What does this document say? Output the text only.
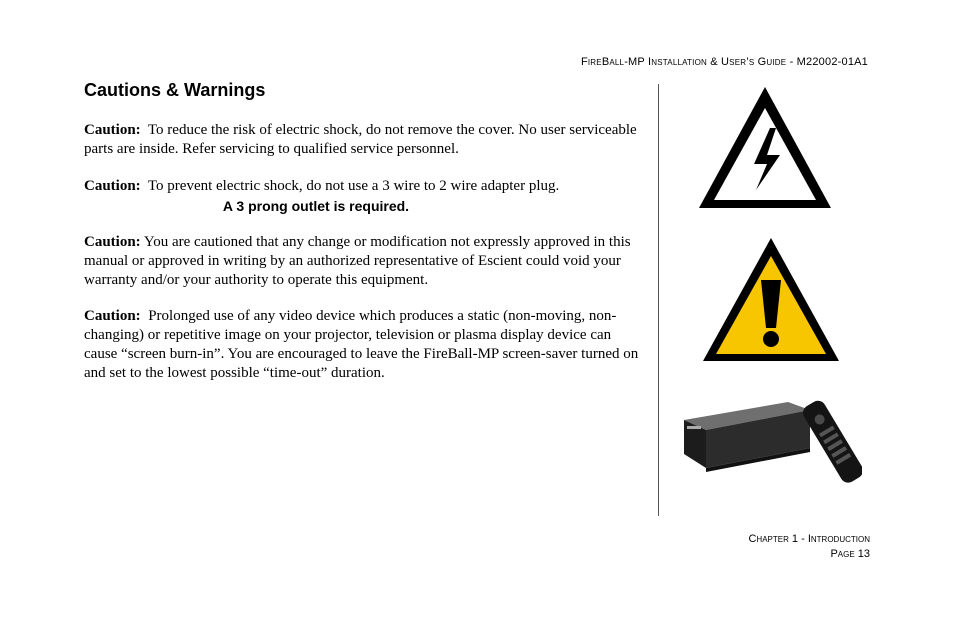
FireBall-MP Installation & User’s Guide - M22002-01A1
Cautions & Warnings

Caution: To reduce the risk of electric shock, do not remove the cover. No user serviceable parts are inside. Refer servicing to qualified service personnel.

Caution: To prevent electric shock, do not use a 3 wire to 2 wire adapter plug.

A 3 prong outlet is required.

Caution: You are cautioned that any change or modification not expressly approved in this manual or approved in writing by an authorized representative of Escient could void your warranty and/or your authority to operate this equipment.

Caution: Prolonged use of any video device which produces a static (non-moving, non-changing) or repetitive image on your projector, television or plasma display device can cause “screen burn-in”. You are encouraged to leave the FireBall-MP screen-saver turned on and set to the lowest possible “time-out” duration.

Chapter 1 - Introduction
Page 13
